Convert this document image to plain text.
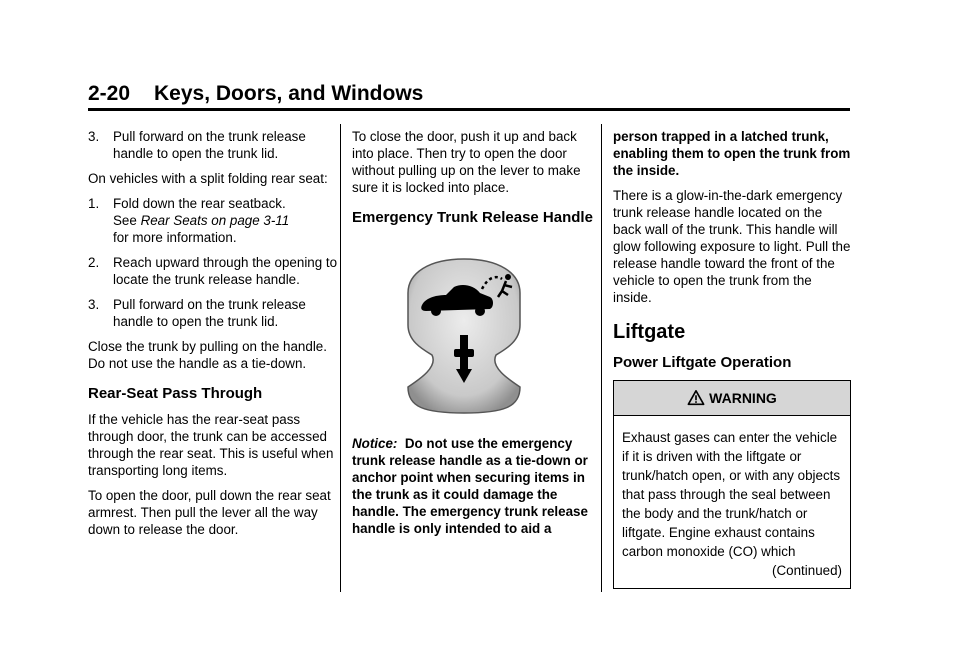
2-20 Keys, Doors, and Windows
3.	Pull forward on the trunk release handle to open the trunk lid.

On vehicles with a split folding rear seat:

1.	Fold down the rear seatback.
See Rear Seats on page 3-11
for more information.
2.	Reach upward through the opening to locate the trunk release handle.
3.	Pull forward on the trunk release handle to open the trunk lid.

Close the trunk by pulling on the handle. Do not use the handle as a tie-down.

Rear-Seat Pass Through

If the vehicle has the rear-seat pass through door, the trunk can be accessed through the rear seat. This is useful when transporting long items.

To open the door, pull down the rear seat armrest. Then pull the lever all the way down to release the door.

To close the door, push it up and back into place. Then try to open the door without pulling up on the lever to make sure it is locked into place.

Emergency Trunk Release Handle

Notice: Do not use the emergency trunk release handle as a tie-down or anchor point when securing items in the trunk as it could damage the handle. The emergency trunk release handle is only intended to aid a

person trapped in a latched trunk, enabling them to open the trunk from the inside.

There is a glow-in-the-dark emergency trunk release handle located on the back wall of the trunk. This handle will glow following exposure to light. Pull the release handle toward the front of the vehicle to open the trunk from the inside.

Liftgate
Power Liftgate Operation
WARNING
Exhaust gases can enter the vehicle if it is driven with the liftgate or trunk/hatch open, or with any objects that pass through the seal between the body and the trunk/hatch or liftgate. Engine exhaust contains carbon monoxide (CO) which
(Continued)
